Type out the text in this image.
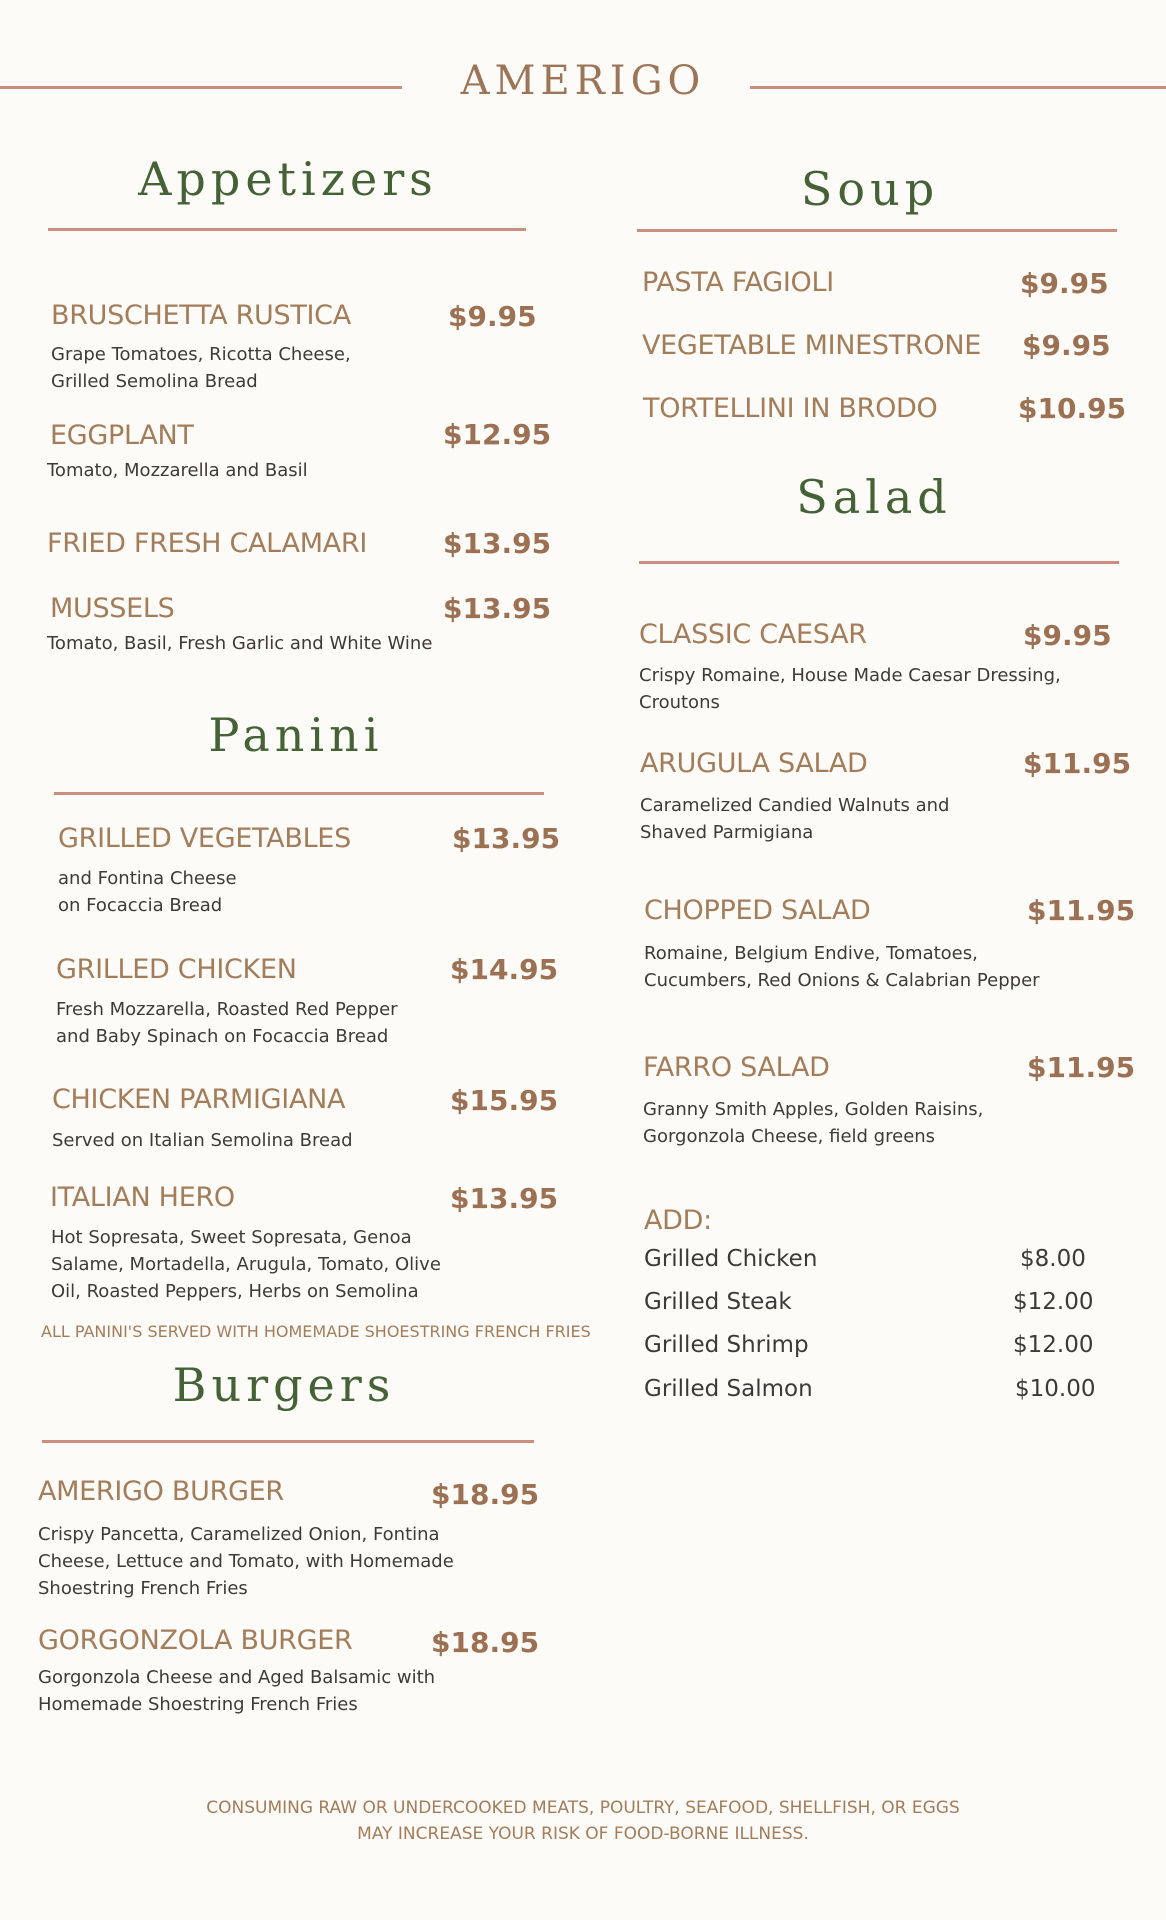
AMERIGO
Appetizers
BRUSCHETTA RUSTICA	$9.95
Grape Tomatoes, Ricotta Cheese,
Grilled Semolina Bread
EGGPLANT	$12.95
Tomato, Mozzarella and Basil
FRIED FRESH CALAMARI	$13.95
MUSSELS	$13.95
Tomato, Basil, Fresh Garlic and White Wine
Panini
GRILLED VEGETABLES	$13.95
and Fontina Cheese
on Focaccia Bread
GRILLED CHICKEN	$14.95
Fresh Mozzarella, Roasted Red Pepper
and Baby Spinach on Focaccia Bread
CHICKEN PARMIGIANA	$15.95
Served on Italian Semolina Bread
ITALIAN HERO	$13.95
Hot Sopresata, Sweet Sopresata, Genoa
Salame, Mortadella, Arugula, Tomato, Olive
Oil, Roasted Peppers, Herbs on Semolina
ALL PANINI'S SERVED WITH HOMEMADE SHOESTRING FRENCH FRIES
Burgers
AMERIGO BURGER	$18.95
Crispy Pancetta, Caramelized Onion, Fontina
Cheese, Lettuce and Tomato, with Homemade
Shoestring French Fries
GORGONZOLA BURGER	$18.95
Gorgonzola Cheese and Aged Balsamic with
Homemade Shoestring French Fries
Soup
PASTA FAGIOLI	$9.95
VEGETABLE MINESTRONE $9.95
TORTELLINI IN BRODO	$10.95
Salad
CLASSIC CAESAR	$9.95
Crispy Romaine, House Made Caesar Dressing,
Croutons
ARUGULA SALAD	$11.95
Caramelized Candied Walnuts and
Shaved Parmigiana
CHOPPED SALAD	$11.95
Romaine, Belgium Endive, Tomatoes,
Cucumbers, Red Onions & Calabrian Pepper
FARRO SALAD	$11.95
Granny Smith Apples, Golden Raisins,
Gorgonzola Cheese, field greens
ADD:
Grilled Chicken	$8.00
Grilled Steak	$12.00
Grilled Shrimp	$12.00
Grilled Salmon	$10.00
CONSUMING RAW OR UNDERCOOKED MEATS, POULTRY, SEAFOOD, SHELLFISH, OR EGGS
MAY INCREASE YOUR RISK OF FOOD-BORNE ILLNESS.
